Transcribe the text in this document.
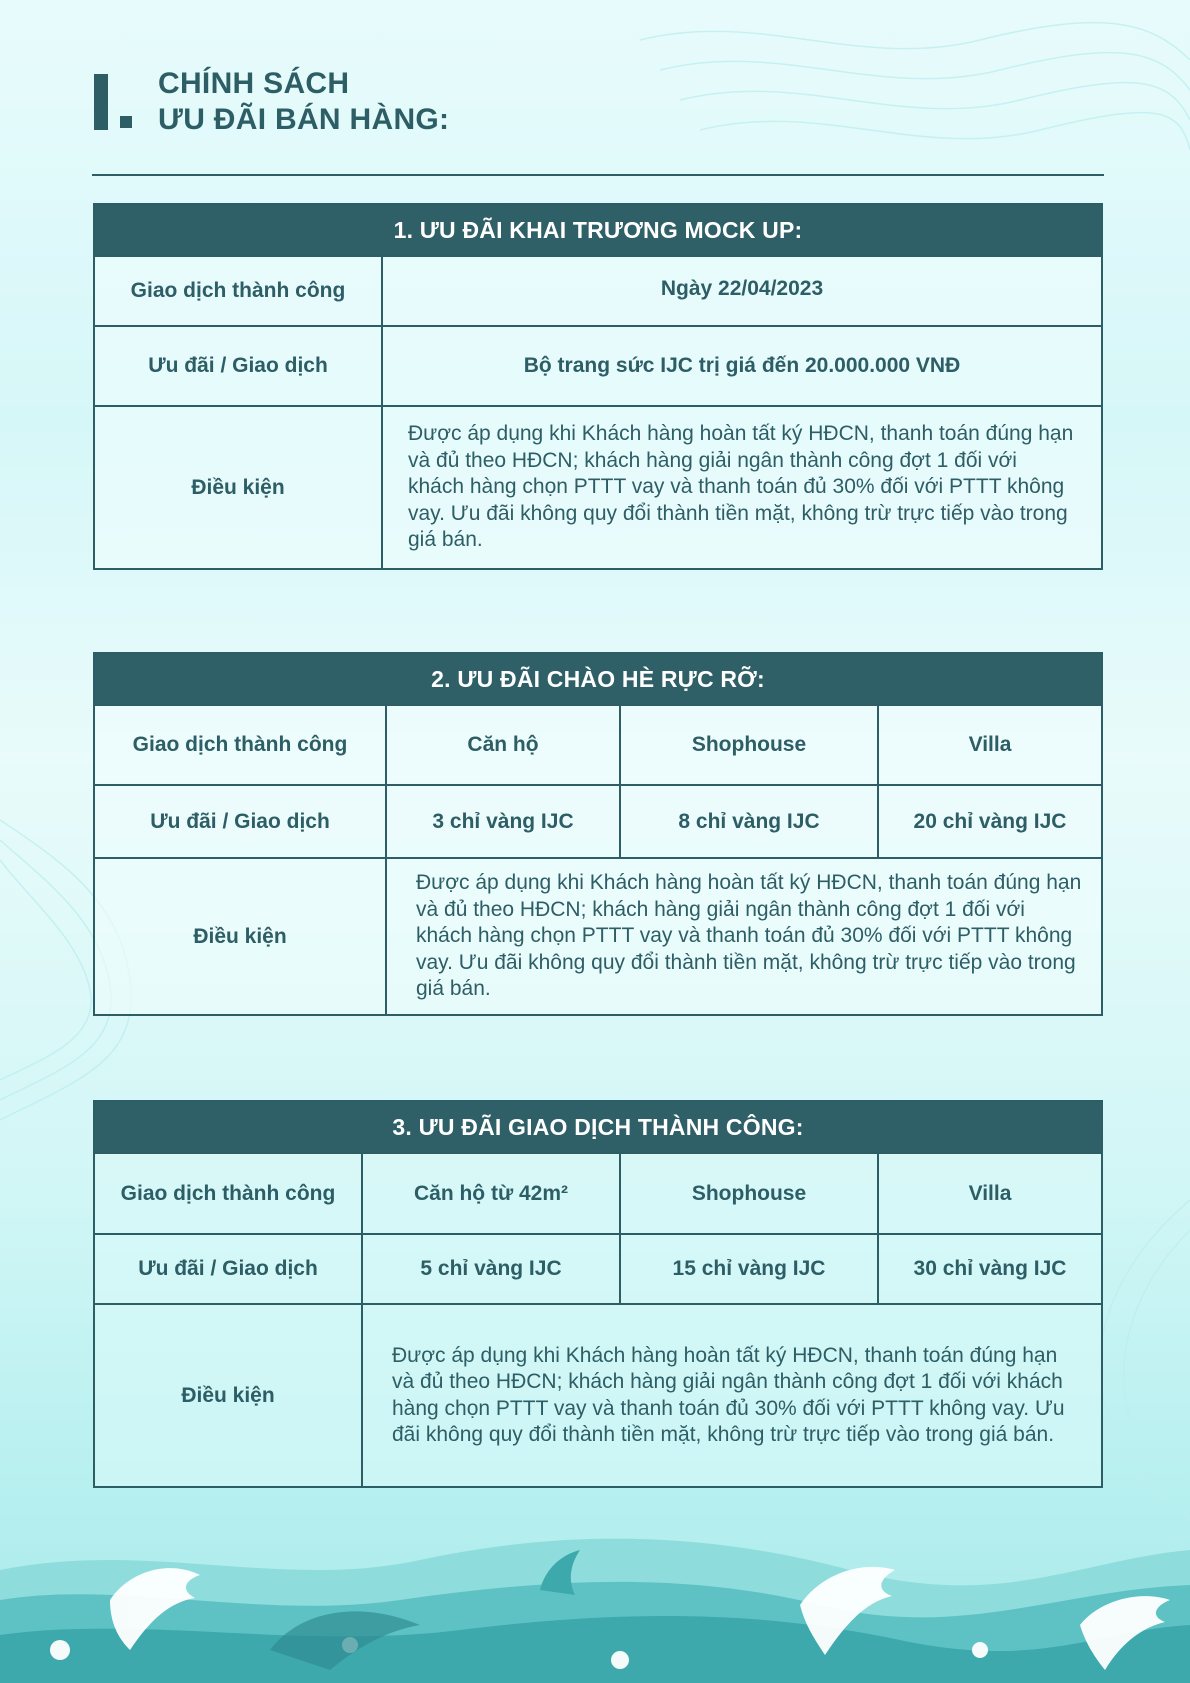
CHÍNH SÁCH
ƯU ĐÃI BÁN HÀNG:
1. ƯU ĐÃI KHAI TRƯƠNG MOCK UP:
Giao dịch thành công	Ngày 22/04/2023
Ưu đãi / Giao dịch	Bộ trang sức IJC trị giá đến 20.000.000 VNĐ
Điều kiện
Được áp dụng khi Khách hàng hoàn tất ký HĐCN, thanh toán đúng hạn và đủ theo HĐCN; khách hàng giải ngân thành công đợt 1 đối với khách hàng chọn PTTT vay và thanh toán đủ 30% đối với PTTT không vay. Ưu đãi không quy đổi thành tiền mặt, không trừ trực tiếp vào trong giá bán.
2. ƯU ĐÃI CHÀO HÈ RỰC RỠ:
Giao dịch thành công	Căn hộ	Shophouse	Villa
Ưu đãi / Giao dịch	3 chỉ vàng IJC	8 chỉ vàng IJC	20 chỉ vàng IJC
Điều kiện
Được áp dụng khi Khách hàng hoàn tất ký HĐCN, thanh toán đúng hạn và đủ theo HĐCN; khách hàng giải ngân thành công đợt 1 đối với khách hàng chọn PTTT vay và thanh toán đủ 30% đối với PTTT không vay. Ưu đãi không quy đổi thành tiền mặt, không trừ trực tiếp vào trong giá bán.
3. ƯU ĐÃI GIAO DỊCH THÀNH CÔNG:
Giao dịch thành công	Căn hộ từ 42m²	Shophouse	Villa
Ưu đãi / Giao dịch	5 chỉ vàng IJC	15 chỉ vàng IJC	30 chỉ vàng IJC
Điều kiện
Được áp dụng khi Khách hàng hoàn tất ký HĐCN, thanh toán đúng hạn và đủ theo HĐCN; khách hàng giải ngân thành công đợt 1 đối với khách hàng chọn PTTT vay và thanh toán đủ 30% đối với PTTT không vay. Ưu đãi không quy đổi thành tiền mặt, không trừ trực tiếp vào trong giá bán.
